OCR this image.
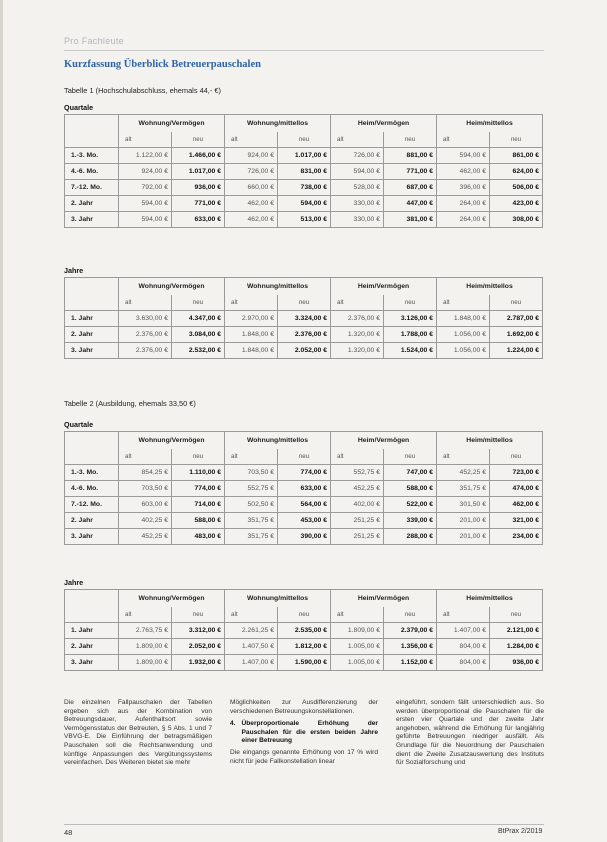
Pro Fachleute
Kurzfassung Überblick Betreuerpauschalen
Tabelle 1 (Hochschulabschluss, ehemals 44,- €)
Quartale
	Wohnung/Vermögen		Wohnung/mittellos		Heim/Vermögen		Heim/mittellos	
	alt	neu	alt	neu	alt	neu	alt	neu
1.-3. Mo.	1.122,00 €	1.466,00 €	924,00 €	1.017,00 €	726,00 €	881,00 €	594,00 €	861,00 €
4.-6. Mo.	924,00 €	1.017,00 €	726,00 €	831,00 €	594,00 €	771,00 €	462,00 €	624,00 €
7.-12. Mo.	792,00 €	936,00 €	660,00 €	738,00 €	528,00 €	687,00 €	396,00 €	506,00 €
2. Jahr	594,00 €	771,00 €	462,00 €	594,00 €	330,00 €	447,00 €	264,00 €	423,00 €
3. Jahr	594,00 €	633,00 €	462,00 €	513,00 €	330,00 €	381,00 €	264,00 €	308,00 €
Jahre
	Wohnung/Vermögen		Wohnung/mittellos		Heim/Vermögen		Heim/mittellos	
	alt	neu	alt	neu	alt	neu	alt	neu
1. Jahr	3.630,00 €	4.347,00 €	2.970,00 €	3.324,00 €	2.376,00 €	3.126,00 €	1.848,00 €	2.787,00 €
2. Jahr	2.376,00 €	3.084,00 €	1.848,00 €	2.376,00 €	1.320,00 €	1.788,00 €	1.056,00 €	1.692,00 €
3. Jahr	2.376,00 €	2.532,00 €	1.848,00 €	2.052,00 €	1.320,00 €	1.524,00 €	1.056,00 €	1.224,00 €
Tabelle 2 (Ausbildung, ehemals 33,50 €)
Quartale
	Wohnung/Vermögen		Wohnung/mittellos		Heim/Vermögen		Heim/mittellos	
	alt	neu	alt	neu	alt	neu	alt	neu
1.-3. Mo.	854,25 €	1.110,00 €	703,50 €	774,00 €	552,75 €	747,00 €	452,25 €	723,00 €
4.-6. Mo.	703,50 €	774,00 €	552,75 €	633,00 €	452,25 €	588,00 €	351,75 €	474,00 €
7.-12. Mo.	603,00 €	714,00 €	502,50 €	564,00 €	402,00 €	522,00 €	301,50 €	462,00 €
2. Jahr	402,25 €	588,00 €	351,75 €	453,00 €	251,25 €	339,00 €	201,00 €	321,00 €
3. Jahr	452,25 €	483,00 €	351,75 €	390,00 €	251,25 €	288,00 €	201,00 €	234,00 €
Jahre
	Wohnung/Vermögen		Wohnung/mittellos		Heim/Vermögen		Heim/mittellos	
	alt	neu	alt	neu	alt	neu	alt	neu
1. Jahr	2.763,75 €	3.312,00 €	2.261,25 €	2.535,00 €	1.809,00 €	2.379,00 €	1.407,00 €	2.121,00 €
2. Jahr	1.809,00 €	2.052,00 €	1.407,50 €	1.812,00 €	1.005,00 €	1.356,00 €	804,00 €	1.284,00 €
3. Jahr	1.809,00 €	1.932,00 €	1.407,00 €	1.590,00 €	1.005,00 €	1.152,00 €	804,00 €	936,00 €

Die einzelnen Fallpauschalen der Tabellen ergeben sich aus der Kombination von Betreuungsdauer, Aufenthaltsort sowie Vermögensstatus der Betreuten, § 5 Abs. 1 und 7 VBVG-E. Die Einführung der betragsmäßigen Pauschalen soll die Rechtsanwendung und künftige Anpassungen des Vergütungssystems vereinfachen. Des Weiteren bietet sie mehr

Möglichkeiten zur Ausdifferenzierung der verschiedenen Betreuungskonstellationen.

4. Überproportionale Erhöhung der Pauschalen für die ersten beiden Jahre einer Betreuung

Die eingangs genannte Erhöhung von 17 % wird nicht für jede Fallkonstellation linear

eingeführt, sondern fällt unterschiedlich aus. So werden überproportional die Pauschalen für die ersten vier Quartale und der zweite Jahr angehoben, während die Erhöhung für langjährig geführte Betreuungen niedriger ausfällt. Als Grundlage für die Neuordnung der Pauschalen dient die Zweite Zusatzauswertung des Instituts für Sozialforschung und

48	BtPrax 2/2019
